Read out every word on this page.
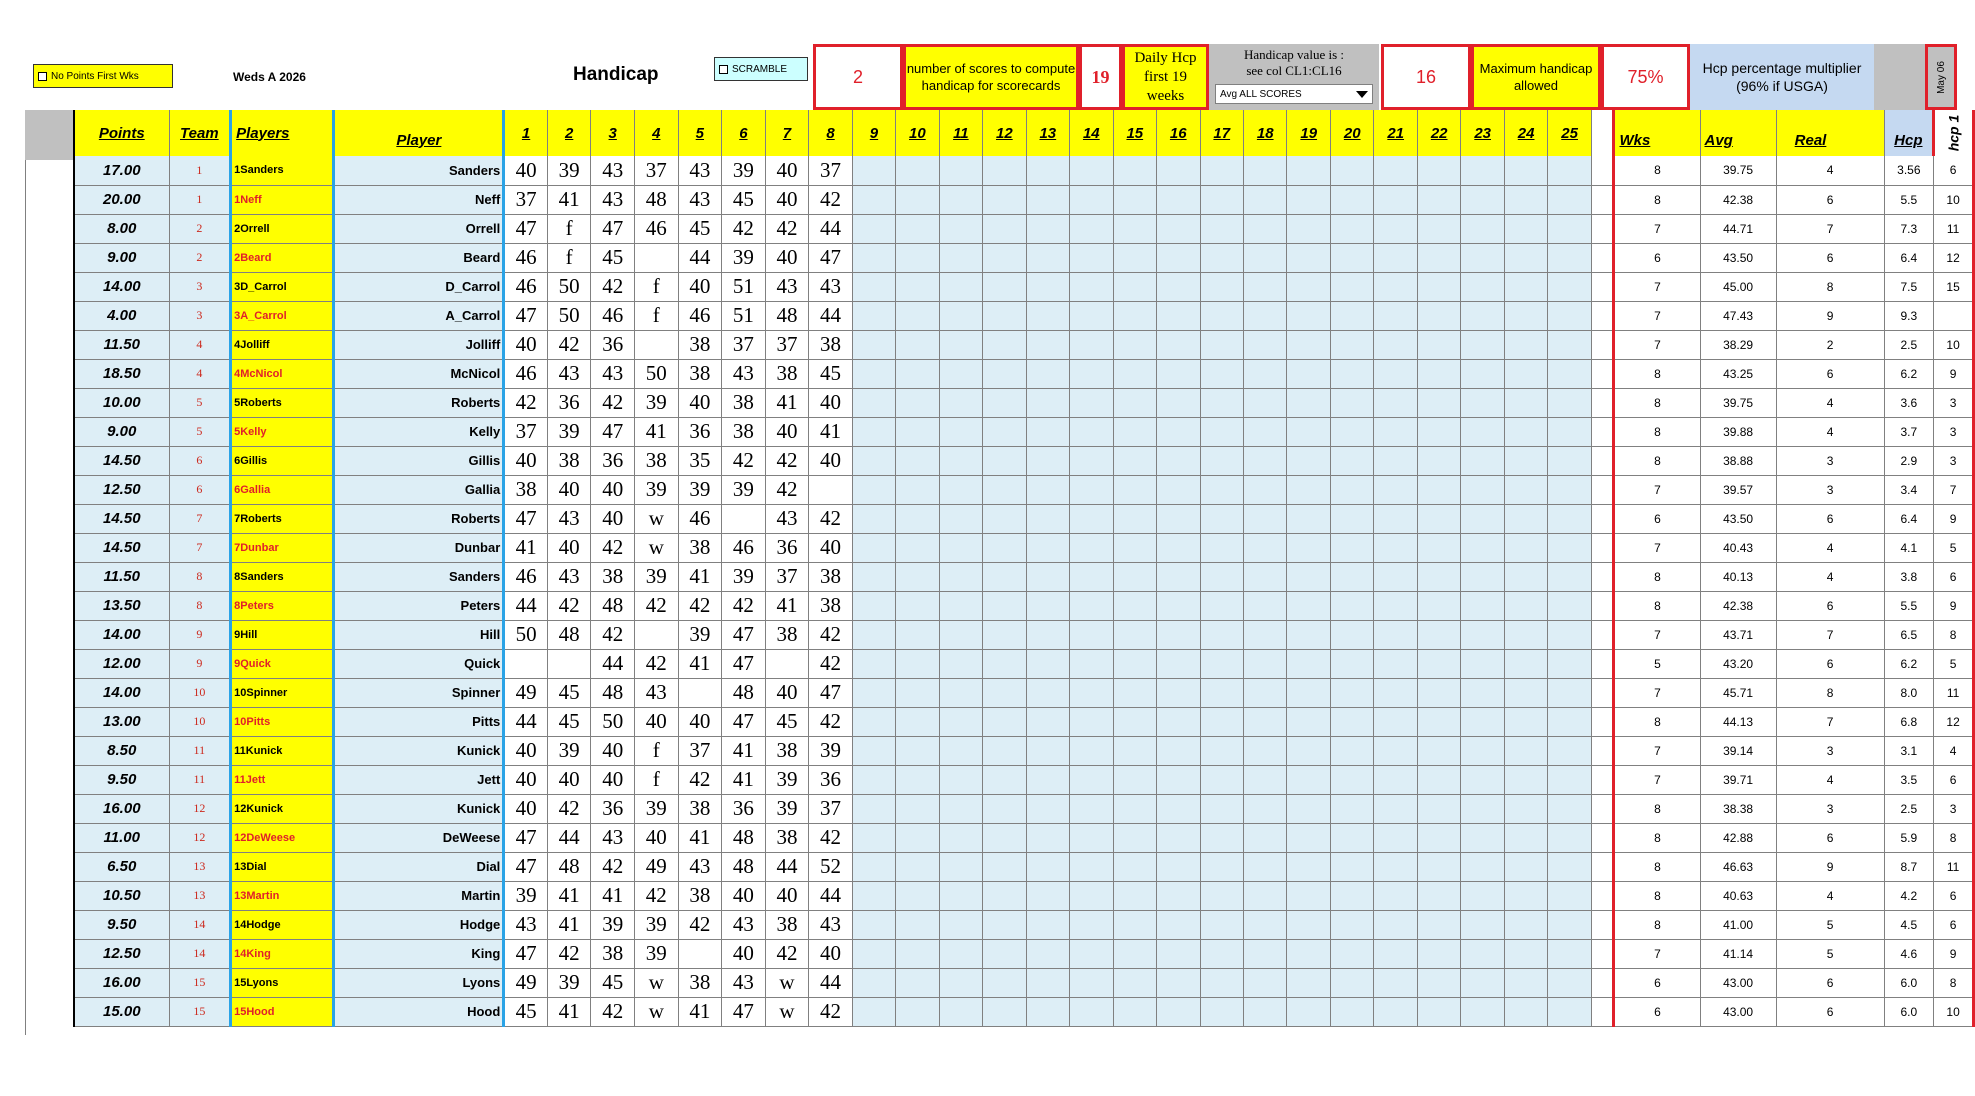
No Points First Wks	Weds A 2026	Handicap	SCRAMBLE	2	number of scores to compute handicap for scorecards	19
Daily Hcp first 19 weeks
Handicap value is :
see col CL1:CL16
Avg ALL SCORES
16	Maximum handicap allowed	75%	Hcp percentage multiplier
(96% if USGA)	May 06
Points	Team	Players	Player	1	2	3	4	5	6	7	8	9	10	11	12	13	14	15	16	17	18	19	20	21	22	23	24	25		Wks	Avg	Real	Hcp	hcp 1
17.00	1	1Sanders	Sanders	40	39	43	37	43	39	40	37																			8	39.75	4	3.56	6
20.00	1	1Neff	Neff	37	41	43	48	43	45	40	42																			8	42.38	6	5.5	10
8.00	2	2Orrell	Orrell	47	f	47	46	45	42	42	44																			7	44.71	7	7.3	11
9.00	2	2Beard	Beard	46	f	45		44	39	40	47																			6	43.50	6	6.4	12
14.00	3	3D_Carrol	D_Carrol	46	50	42	f	40	51	43	43																			7	45.00	8	7.5	15
4.00	3	3A_Carrol	A_Carrol	47	50	46	f	46	51	48	44																			7	47.43	9	9.3	
11.50	4	4Jolliff	Jolliff	40	42	36		38	37	37	38																			7	38.29	2	2.5	10
18.50	4	4McNicol	McNicol	46	43	43	50	38	43	38	45																			8	43.25	6	6.2	9
10.00	5	5Roberts	Roberts	42	36	42	39	40	38	41	40																			8	39.75	4	3.6	3
9.00	5	5Kelly	Kelly	37	39	47	41	36	38	40	41																			8	39.88	4	3.7	3
14.50	6	6Gillis	Gillis	40	38	36	38	35	42	42	40																			8	38.88	3	2.9	3
12.50	6	6Gallia	Gallia	38	40	40	39	39	39	42																				7	39.57	3	3.4	7
14.50	7	7Roberts	Roberts	47	43	40	w	46		43	42																			6	43.50	6	6.4	9
14.50	7	7Dunbar	Dunbar	41	40	42	w	38	46	36	40																			7	40.43	4	4.1	5
11.50	8	8Sanders	Sanders	46	43	38	39	41	39	37	38																			8	40.13	4	3.8	6
13.50	8	8Peters	Peters	44	42	48	42	42	42	41	38																			8	42.38	6	5.5	9
14.00	9	9Hill	Hill	50	48	42		39	47	38	42																			7	43.71	7	6.5	8
12.00	9	9Quick	Quick			44	42	41	47		42																			5	43.20	6	6.2	5
14.00	10	10Spinner	Spinner	49	45	48	43		48	40	47																			7	45.71	8	8.0	11
13.00	10	10Pitts	Pitts	44	45	50	40	40	47	45	42																			8	44.13	7	6.8	12
8.50	11	11Kunick	Kunick	40	39	40	f	37	41	38	39																			7	39.14	3	3.1	4
9.50	11	11Jett	Jett	40	40	40	f	42	41	39	36																			7	39.71	4	3.5	6
16.00	12	12Kunick	Kunick	40	42	36	39	38	36	39	37																			8	38.38	3	2.5	3
11.00	12	12DeWeese	DeWeese	47	44	43	40	41	48	38	42																			8	42.88	6	5.9	8
6.50	13	13Dial	Dial	47	48	42	49	43	48	44	52																			8	46.63	9	8.7	11
10.50	13	13Martin	Martin	39	41	41	42	38	40	40	44																			8	40.63	4	4.2	6
9.50	14	14Hodge	Hodge	43	41	39	39	42	43	38	43																			8	41.00	5	4.5	6
12.50	14	14King	King	47	42	38	39		40	42	40																			7	41.14	5	4.6	9
16.00	15	15Lyons	Lyons	49	39	45	w	38	43	w	44																			6	43.00	6	6.0	8
15.00	15	15Hood	Hood	45	41	42	w	41	47	w	42																			6	43.00	6	6.0	10
